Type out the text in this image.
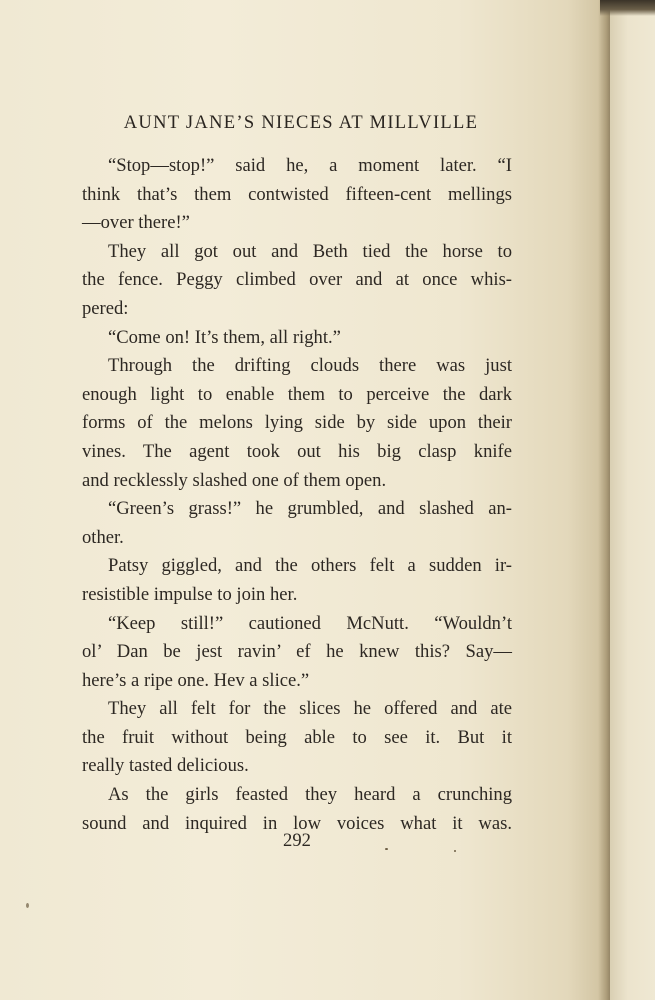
AUNT JANE’S NIECES AT MILLVILLE
“Stop—stop!” said he, a moment later. “I
think that’s them contwisted fifteen-cent mellings
—over there!”
They all got out and Beth tied the horse to
the fence. Peggy climbed over and at once whis-
pered:
“Come on! It’s them, all right.”
Through the drifting clouds there was just
enough light to enable them to perceive the dark
forms of the melons lying side by side upon their
vines. The agent took out his big clasp knife
and recklessly slashed one of them open.
“Green’s grass!” he grumbled, and slashed an-
other.
Patsy giggled, and the others felt a sudden ir-
resistible impulse to join her.
“Keep still!” cautioned McNutt. “Wouldn’t
ol’ Dan be jest ravin’ ef he knew this? Say—
here’s a ripe one. Hev a slice.”
They all felt for the slices he offered and ate
the fruit without being able to see it. But it
really tasted delicious.
As the girls feasted they heard a crunching
sound and inquired in low voices what it was.
292
